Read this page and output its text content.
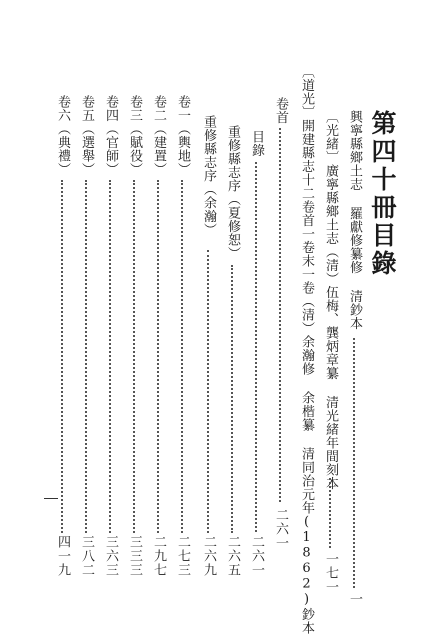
第四十冊目錄
興寧縣鄉土志 羅獻修纂修 清鈔本
一
〔光緒〕廣寧縣鄉土志（清）伍梅、龔炳章纂 清光緒年間刻本
一七一
〔道光〕開建縣志十二卷首一卷末一卷（清）余瀚修 余楷纂 清同治元年(1862)鈔本
卷首
二六一
目錄
二六一
重修縣志序（夏修恕）
二六五
重修縣志序（余瀚）
二六九
卷一（輿地）
二七三
卷二（建置）
二九七
卷三（賦役）
三三三
卷四（官師）
三六三
卷五（選舉）
三八二
卷六（典禮）
四一九
